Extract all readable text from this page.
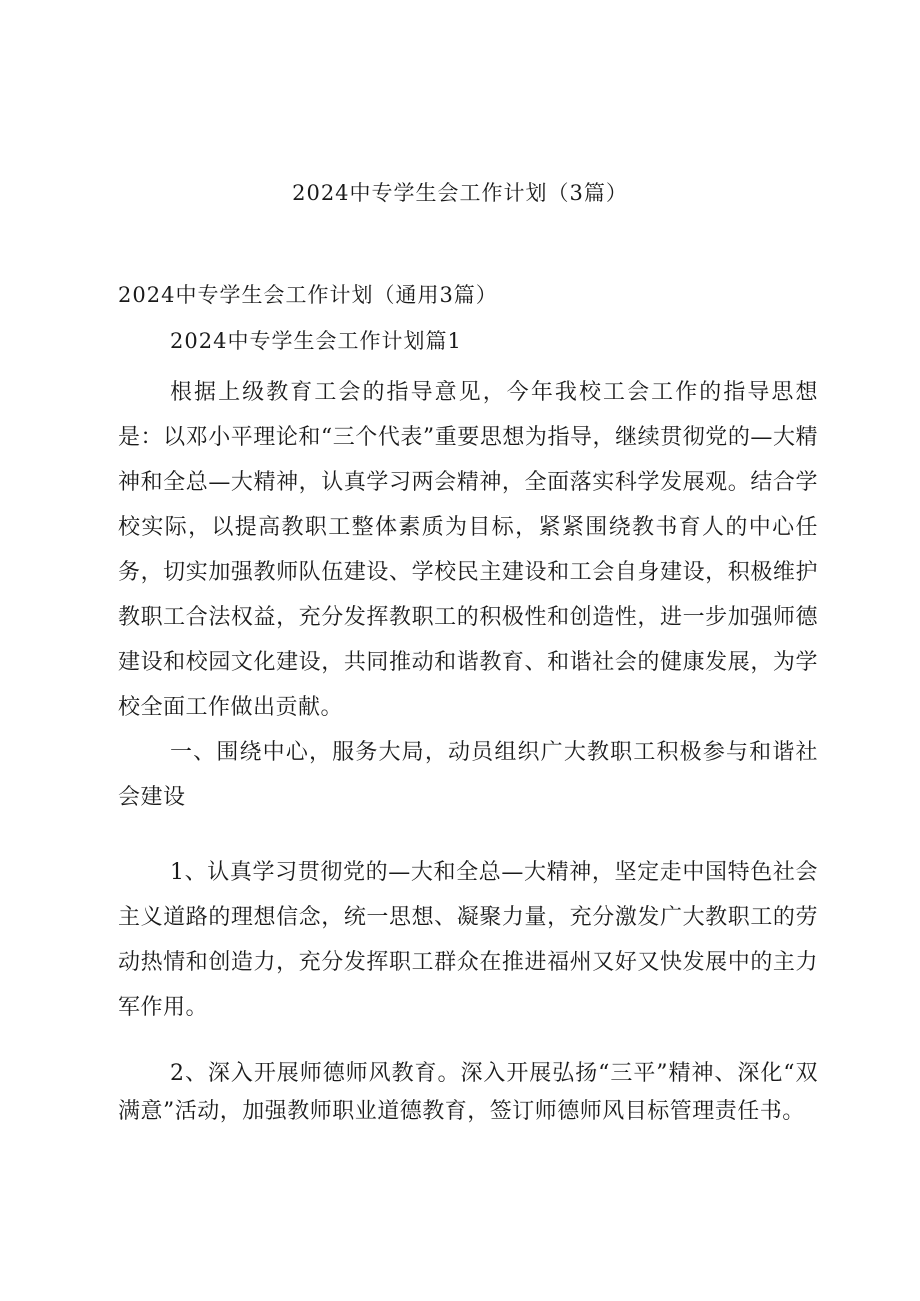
2024中专学生会工作计划（3篇）

2024中专学生会工作计划（通用3篇）

2024中专学生会工作计划篇1

根据上级教育工会的指导意见，今年我校工会工作的指导思想是：以邓小平理论和“三个代表”重要思想为指导，继续贯彻党的—大精神和全总—大精神，认真学习两会精神，全面落实科学发展观。结合学校实际，以提高教职工整体素质为目标，紧紧围绕教书育人的中心任务，切实加强教师队伍建设、学校民主建设和工会自身建设，积极维护教职工合法权益，充分发挥教职工的积极性和创造性，进一步加强师德建设和校园文化建设，共同推动和谐教育、和谐社会的健康发展，为学校全面工作做出贡献。

一、围绕中心，服务大局，动员组织广大教职工积极参与和谐社会建设

1、认真学习贯彻党的—大和全总—大精神，坚定走中国特色社会主义道路的理想信念，统一思想、凝聚力量，充分激发广大教职工的劳动热情和创造力，充分发挥职工群众在推进福州又好又快发展中的主力军作用。

2、深入开展师德师风教育。深入开展弘扬“三平”精神、深化“双满意”活动，加强教师职业道德教育，签订师德师风目标管理责任书。
